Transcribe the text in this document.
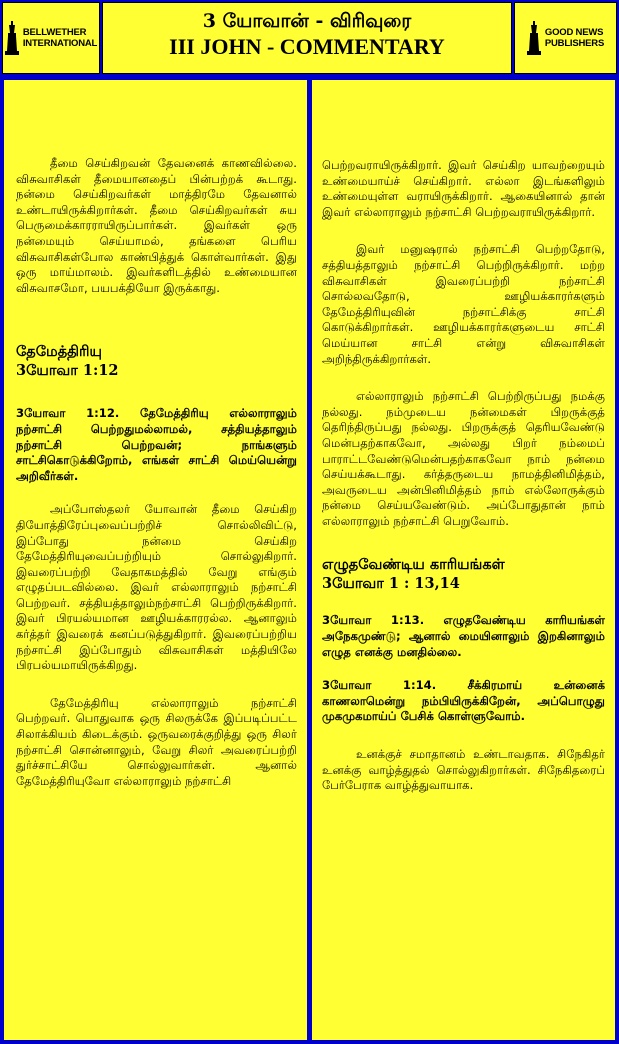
BELLWETHER
INTERNATIONAL
3 யோவான் - விரிவுரை
III JOHN - COMMENTARY
GOOD NEWS
PUBLISHERS

தீமை செய்கிறவன் தேவனைக் காணவில்லை. விசுவாசிகள் தீமையானதைப் பின்பற்றக் கூடாது. நன்மை செய்கிறவர்கள் மாத்திரமே தேவனால் உண்டாயிருக்கிறார்கள். தீமை செய்கிறவர்கள் சுய பெருமைக்காரராயிருப்பார்கள். இவர்கள் ஒரு நன்மையும் செய்யாமல், தங்களை பெரிய விசுவாசிகள்போல காண்பித்துக் கொள்வார்கள். இது ஒரு மாய்மாலம். இவர்களிடத்தில் உண்மையான விசுவாசமோ, பயபக்தியோ இருக்காது.

தேமேத்திரியு

3யோவா 1:12

3யோவா 1:12. தேமேத்திரியு எல்லாராலும் நற்சாட்சி பெற்றதுமல்லாமல், சத்தியத்தாலும் நற்சாட்சி பெற்றவன்; நாங்களும் சாட்சிகொடுக்கிறோம், எங்கள் சாட்சி மெய்யென்று அறிவீர்கள்.

அப்போஸ்தலர் யோவான் தீமை செய்கிற தியோத்திரேப்புவைப்பற்றிச் சொல்லிவிட்டு, இப்போது நன்மை செய்கிற தேமேத்திரியுவைப்பற்றியும் சொல்லுகிறார். இவரைப்பற்றி வேதாகமத்தில் வேறு எங்கும் எழுதப்படவில்லை. இவர் எல்லாராலும் நற்சாட்சி பெற்றவர். சத்தியத்தாலும்நற்சாட்சி பெற்றிருக்கிறார். இவர் பிரயல்யமான ஊழியக்காரரல்ல. ஆனாலும் கர்த்தர் இவரைக் கனப்படுத்துகிறார். இவரைப்பற்றிய நற்சாட்சி இப்போதும் விசுவாசிகள் மத்தியிலே பிரபல்யமாயிருக்கிறது.

தேமேத்திரியு எல்லாராலும் நற்சாட்சி பெற்றவர். பொதுவாக ஒரு சிலருக்கே இப்படிப்பட்ட சிலாக்கியம் கிடைக்கும். ஒருவரைக்குறித்து ஒரு சிலர் நற்சாட்சி சொன்னாலும், வேறு சிலர் அவரைப்பற்றி துர்ச்சாட்சியே சொல்லுவார்கள். ஆனால் தேமேத்திரியுவோ எல்லாராலும் நற்சாட்சி

பெற்றவராயிருக்கிறார். இவர் செய்கிற யாவற்றையும் உண்மையாய்ச் செய்கிறார். எல்லா இடங்களிலும் உண்மையுள்ள வராயிருக்கிறார். ஆகையினால் தான் இவர் எல்லாராலும் நற்சாட்சி பெற்றவராயிருக்கிறார்.

இவர் மனுஷரால் நற்சாட்சி பெற்றதோடு, சத்தியத்தாலும் நற்சாட்சி பெற்றிருக்கிறார். மற்ற விசுவாசிகள் இவரைப்பற்றி நற்சாட்சி சொல்லவதோடு, ஊழியக்காரர்களும் தேமேத்திரியுவின் நற்சாட்சிக்கு சாட்சி கொடுக்கிறார்கள். ஊழியக்காரர்களுடைய சாட்சி மெய்யான சாட்சி என்று விசுவாசிகள் அறிந்திருக்கிறார்கள்.

எல்லாராலும் நற்சாட்சி பெற்றிருப்பது நமக்கு நல்லது. நம்முடைய நன்மைகள் பிறருக்குத் தெரிந்திருப்பது நல்லது. பிறருக்குத் தெரியவேண்டு மென்பதற்காகவோ, அல்லது பிறர் நம்மைப் பாராட்டவேண்டுமென்பதற்காகவோ நாம் நன்மை செய்யக்கூடாது. கர்த்தருடைய நாமத்தினிமித்தம், அவருடைய அன்பினிமித்தம் நாம் எல்லோருக்கும் நன்மை செய்யவேண்டும். அப்போதுதான் நாம் எல்லாராலும் நற்சாட்சி பெறுவோம்.

எழுதவேண்டிய காரியங்கள்

3யோவா 1 : 13,14

3யோவா 1:13. எழுதவேண்டிய காரியங்கள் அநேகமுண்டு; ஆனால் மையினாலும் இறகினாலும் எழுத எனக்கு மனதில்லை.

3யோவா 1:14. சீக்கிரமாய் உன்னைக் காணலாமென்று நம்பியிருக்கிறேன், அப்பொழுது முகமுகமாய்ப் பேசிக் கொள்ளுவோம்.

உனக்குச் சமாதானம் உண்டாவதாக. சிநேகிதர் உனக்கு வாழ்த்துதல் சொல்லுகிறார்கள். சிநேகிதரைப் பேர்பேராக வாழ்த்துவாயாக.
